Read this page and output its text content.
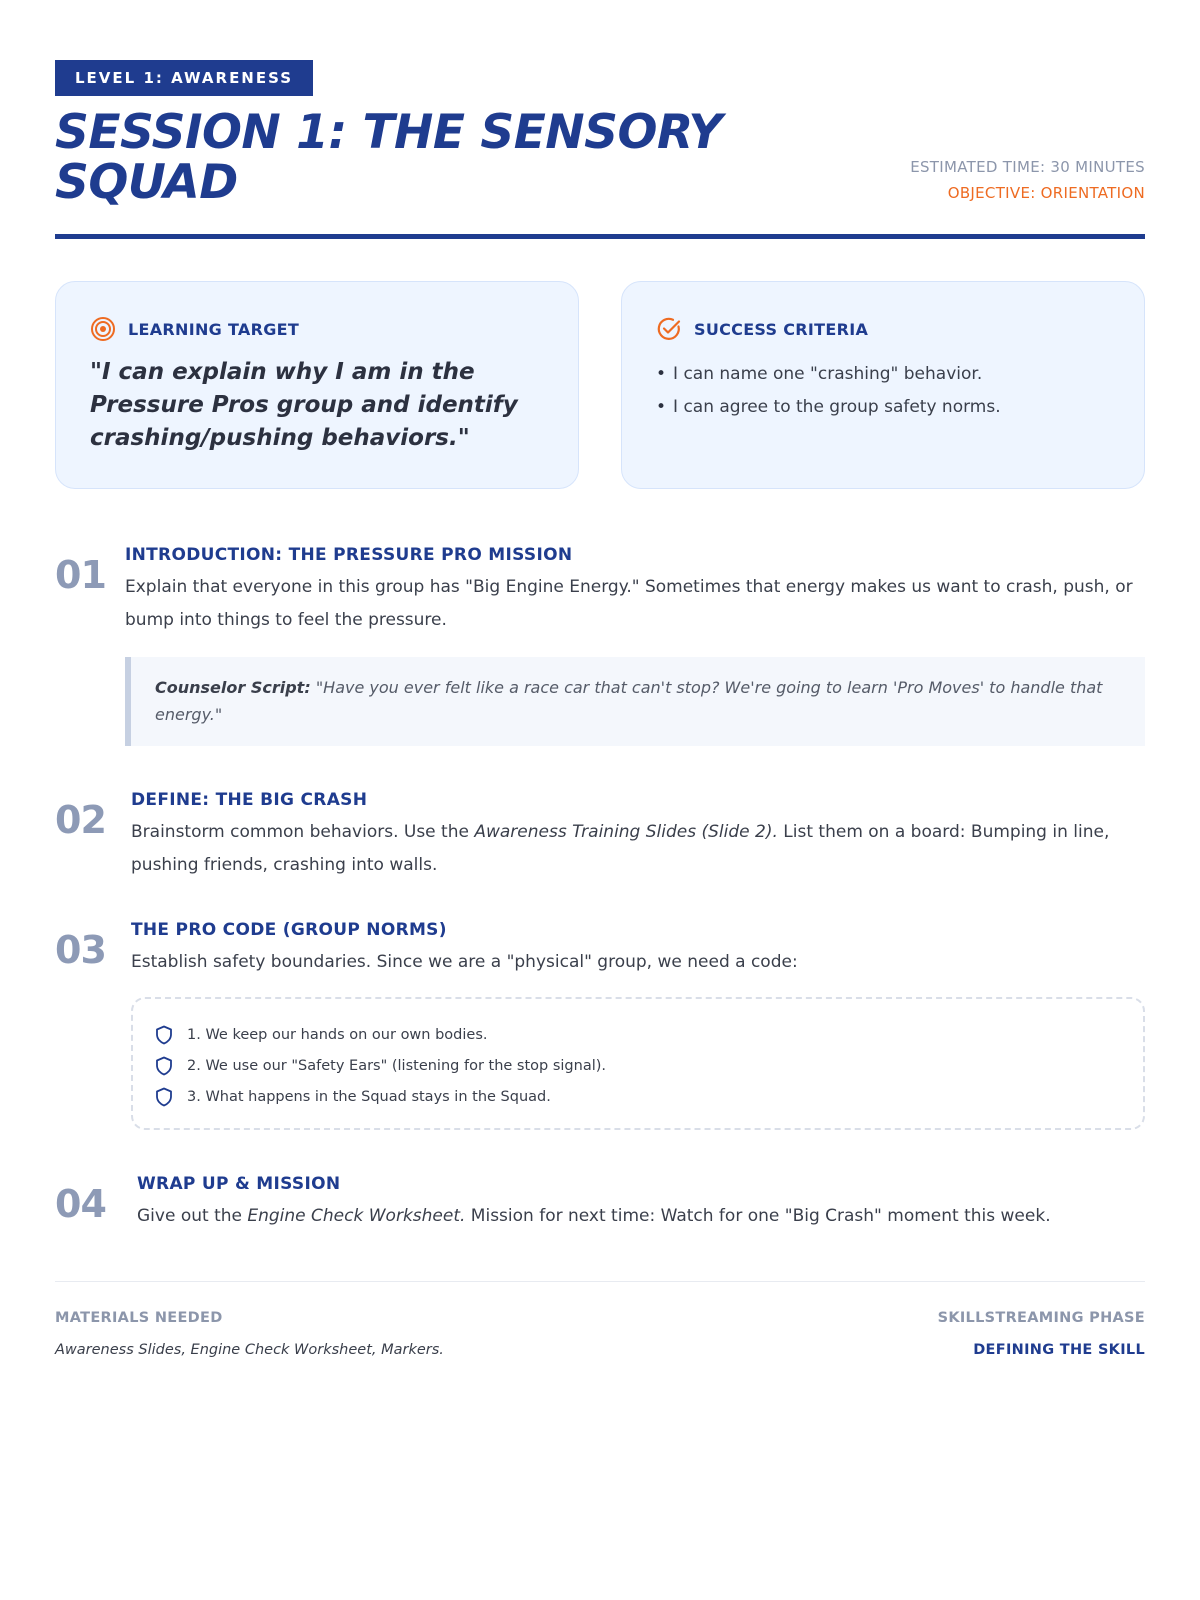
LEVEL 1: AWARENESS
SESSION 1: THE SENSORY SQUAD	ESTIMATED TIME: 30 MINUTES
OBJECTIVE: ORIENTATION
LEARNING TARGET
"I can explain why I am in the Pressure Pros group and identify crashing/pushing behaviors."
SUCCESS CRITERIA
• I can name one "crashing" behavior.
• I can agree to the group safety norms.
01	INTRODUCTION: THE PRESSURE PRO MISSION
Explain that everyone in this group has "Big Engine Energy." Sometimes that energy makes us want to crash, push, or bump into things to feel the pressure.
Counselor Script: "Have you ever felt like a race car that can't stop? We're going to learn 'Pro Moves' to handle that energy."
02	DEFINE: THE BIG CRASH
Brainstorm common behaviors. Use the Awareness Training Slides (Slide 2). List them on a board: Bumping in line, pushing friends, crashing into walls.
03	THE PRO CODE (GROUP NORMS)
Establish safety boundaries. Since we are a "physical" group, we need a code:
1. We keep our hands on our own bodies.
2. We use our "Safety Ears" (listening for the stop signal).
3. What happens in the Squad stays in the Squad.
04	WRAP UP & MISSION
Give out the Engine Check Worksheet. Mission for next time: Watch for one "Big Crash" moment this week.
MATERIALS NEEDED
Awareness Slides, Engine Check Worksheet, Markers.
SKILLSTREAMING PHASE
DEFINING THE SKILL
